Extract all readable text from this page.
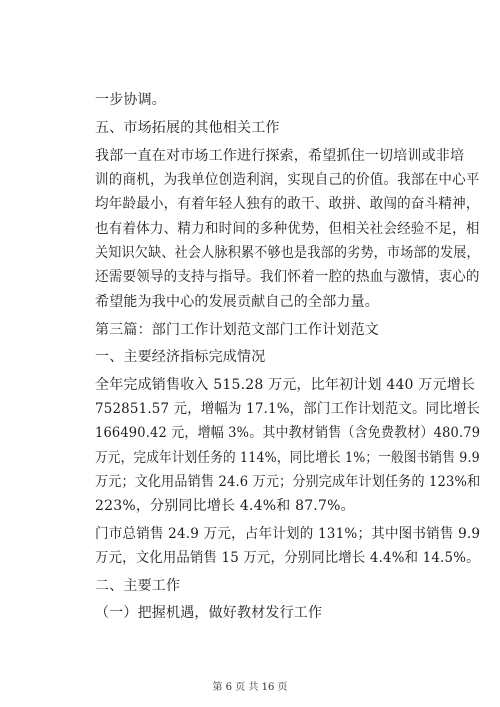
一步协调。
五、市场拓展的其他相关工作
我部一直在对市场工作进行探索，希望抓住一切培训或非培
训的商机，为我单位创造利润，实现自己的价值。我部在中心平
均年龄最小，有着年轻人独有的敢干、敢拼、敢闯的奋斗精神，
也有着体力、精力和时间的多种优势，但相关社会经验不足，相
关知识欠缺、社会人脉积累不够也是我部的劣势，市场部的发展，
还需要领导的支持与指导。我们怀着一腔的热血与激情，衷心的
希望能为我中心的发展贡献自己的全部力量。
第三篇：部门工作计划范文部门工作计划范文
一、主要经济指标完成情况
全年完成销售收入 515.28 万元，比年初计划 440 万元增长
752851.57 元，增幅为 17.1%，部门工作计划范文。同比增长
166490.42 元，增幅 3%。其中教材销售（含免费教材）480.79
万元，完成年计划任务的 114%，同比增长 1%；一般图书销售 9.9
万元；文化用品销售 24.6 万元；分别完成年计划任务的 123%和
223%，分别同比增长 4.4%和 87.7%。
门市总销售 24.9 万元，占年计划的 131%；其中图书销售 9.9
万元，文化用品销售 15 万元，分别同比增长 4.4%和 14.5%。
二、主要工作
（一）把握机遇，做好教材发行工作
第 6 页 共 16 页
